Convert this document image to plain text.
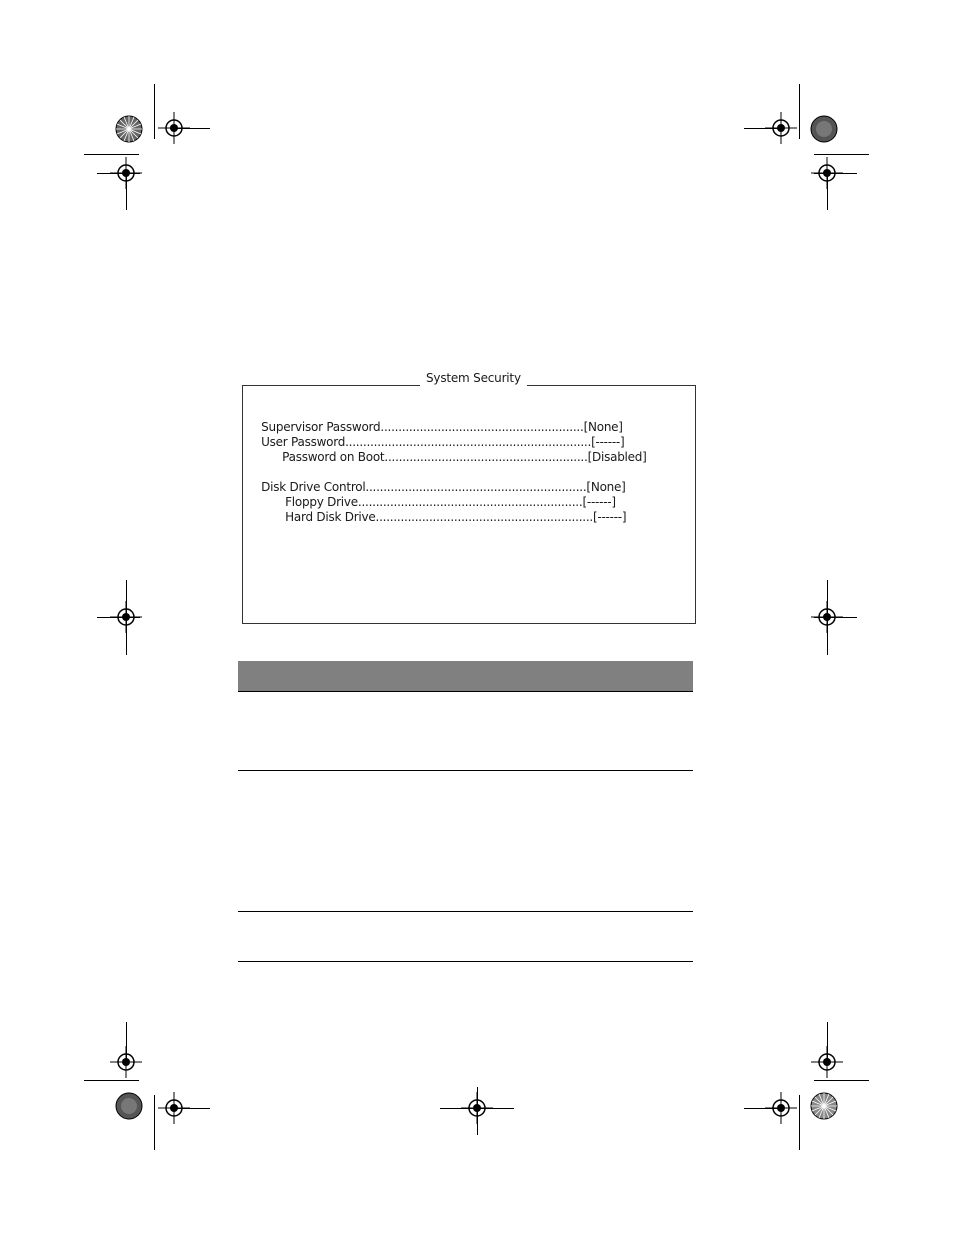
System Security

Supervisor Password.........................................................[None]

User Password.....................................................................[------]

Password on Boot.........................................................[Disabled]

Disk Drive Control..............................................................[None]

Floppy Drive...............................................................[------]

Hard Disk Drive.............................................................[------]
